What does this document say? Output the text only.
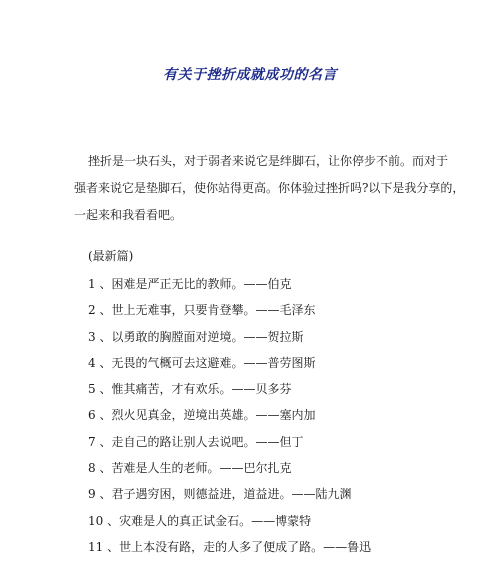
有关于挫折成就成功的名言
挫折是一块石头，对于弱者来说它是绊脚石，让你停步不前。而对于
强者来说它是垫脚石，使你站得更高。你体验过挫折吗?以下是我分享的，
一起来和我看看吧。
(最新篇)
1 、困难是严正无比的教师。——伯克
2 、世上无难事，只要肯登攀。——毛泽东
3 、以勇敢的胸膛面对逆境。——贺拉斯
4 、无畏的气概可去这避难。——普劳图斯
5 、惟其痛苦，才有欢乐。——贝多芬
6 、烈火见真金，逆境出英雄。——塞内加
7 、走自己的路让别人去说吧。——但丁
8 、苦难是人生的老师。——巴尔扎克
9 、君子遇穷困，则德益进，道益进。——陆九渊
10 、灾难是人的真正试金石。——博蒙特
11 、世上本没有路，走的人多了便成了路。——鲁迅
